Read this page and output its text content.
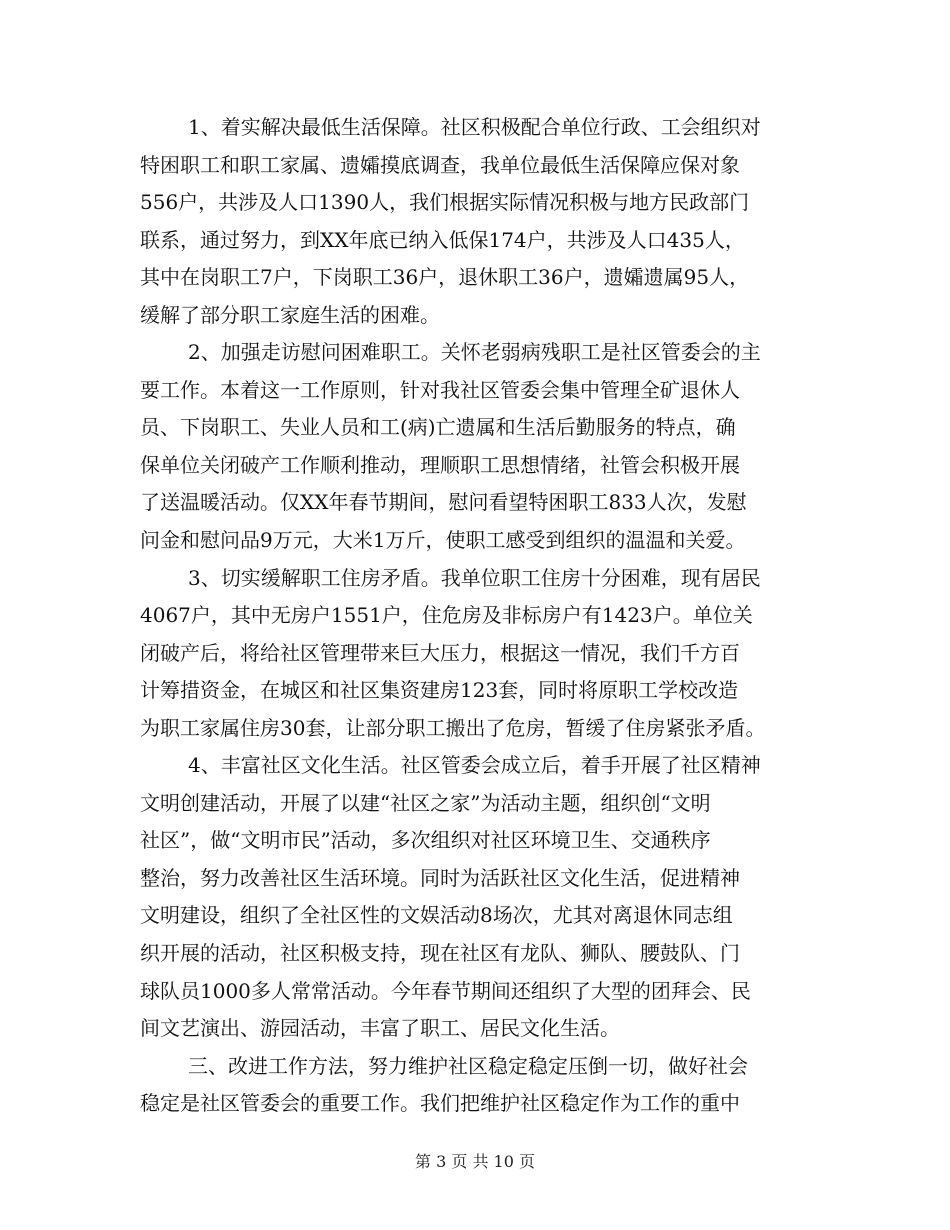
1、着实解决最低生活保障。社区积极配合单位行政、工会组织对
特困职工和职工家属、遗孀摸底调查，我单位最低生活保障应保对象
556户，共涉及人口1390人，我们根据实际情况积极与地方民政部门
联系，通过努力，到XX年底已纳入低保174户，共涉及人口435人，
其中在岗职工7户，下岗职工36户，退休职工36户，遗孀遗属95人，
缓解了部分职工家庭生活的困难。
2、加强走访慰问困难职工。关怀老弱病残职工是社区管委会的主
要工作。本着这一工作原则，针对我社区管委会集中管理全矿退休人
员、下岗职工、失业人员和工(病)亡遗属和生活后勤服务的特点，确
保单位关闭破产工作顺利推动，理顺职工思想情绪，社管会积极开展
了送温暖活动。仅XX年春节期间，慰问看望特困职工833人次，发慰
问金和慰问品9万元，大米1万斤，使职工感受到组织的温温和关爱。
3、切实缓解职工住房矛盾。我单位职工住房十分困难，现有居民
4067户，其中无房户1551户，住危房及非标房户有1423户。单位关
闭破产后，将给社区管理带来巨大压力，根据这一情况，我们千方百
计筹措资金，在城区和社区集资建房123套，同时将原职工学校改造
为职工家属住房30套，让部分职工搬出了危房，暂缓了住房紧张矛盾。
4、丰富社区文化生活。社区管委会成立后，着手开展了社区精神
文明创建活动，开展了以建“社区之家”为活动主题，组织创“文明
社区”，做“文明市民”活动，多次组织对社区环境卫生、交通秩序
整治，努力改善社区生活环境。同时为活跃社区文化生活，促进精神
文明建设，组织了全社区性的文娱活动8场次，尤其对离退休同志组
织开展的活动，社区积极支持，现在社区有龙队、狮队、腰鼓队、门
球队员1000多人常常活动。今年春节期间还组织了大型的团拜会、民
间文艺演出、游园活动，丰富了职工、居民文化生活。
三、改进工作方法，努力维护社区稳定稳定压倒一切，做好社会
稳定是社区管委会的重要工作。我们把维护社区稳定作为工作的重中
第 3 页 共 10 页
